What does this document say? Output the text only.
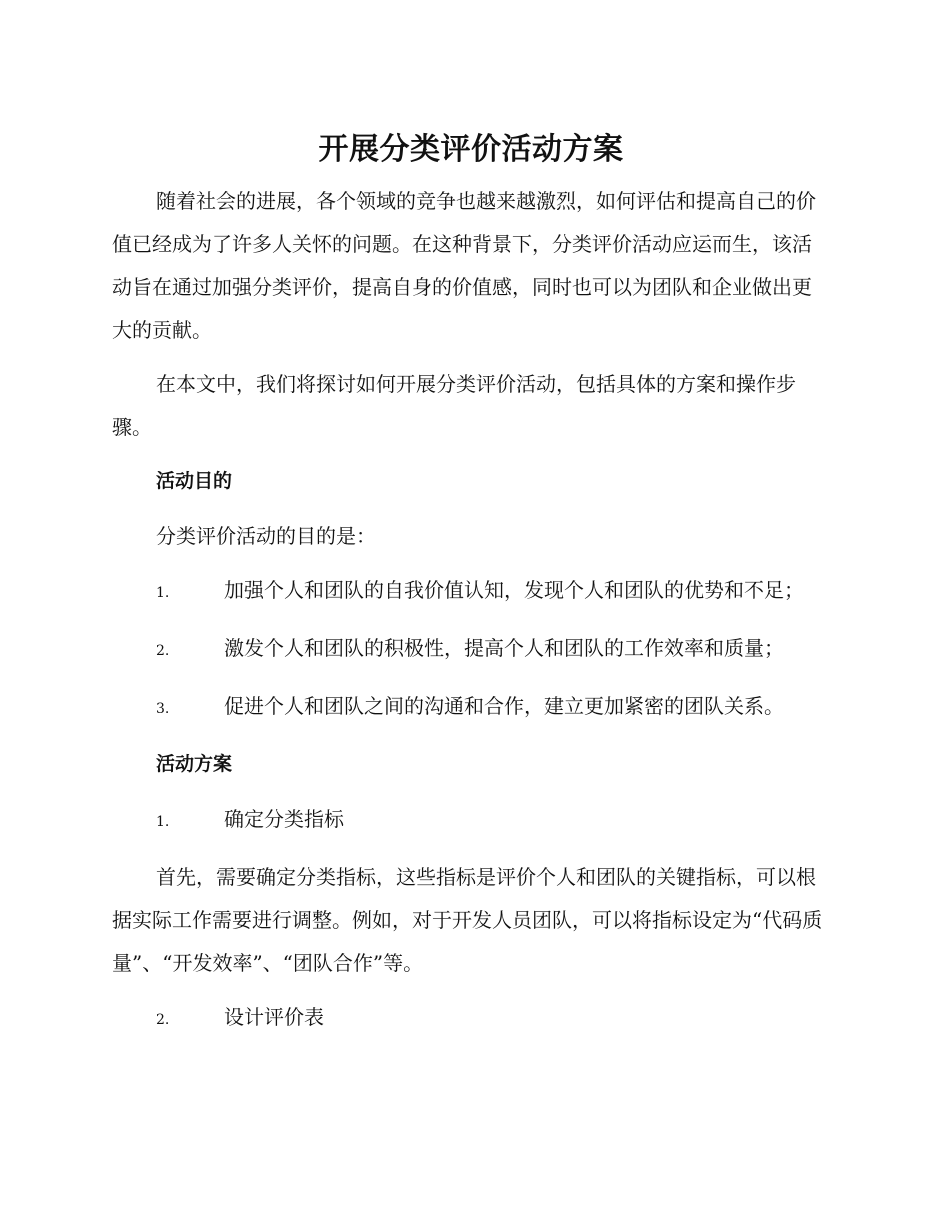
开展分类评价活动方案

随着社会的进展，各个领域的竞争也越来越激烈，如何评估和提高自己的价值已经成为了许多人关怀的问题。在这种背景下，分类评价活动应运而生，该活动旨在通过加强分类评价，提高自身的价值感，同时也可以为团队和企业做出更大的贡献。

在本文中，我们将探讨如何开展分类评价活动，包括具体的方案和操作步骤。

活动目的

分类评价活动的目的是：

1.	加强个人和团队的自我价值认知，发现个人和团队的优势和不足；

2.	激发个人和团队的积极性，提高个人和团队的工作效率和质量；

3.	促进个人和团队之间的沟通和合作，建立更加紧密的团队关系。

活动方案

1.	确定分类指标

首先，需要确定分类指标，这些指标是评价个人和团队的关键指标，可以根据实际工作需要进行调整。例如，对于开发人员团队，可以将指标设定为“代码质量”、“开发效率”、“团队合作”等。

2.	设计评价表
